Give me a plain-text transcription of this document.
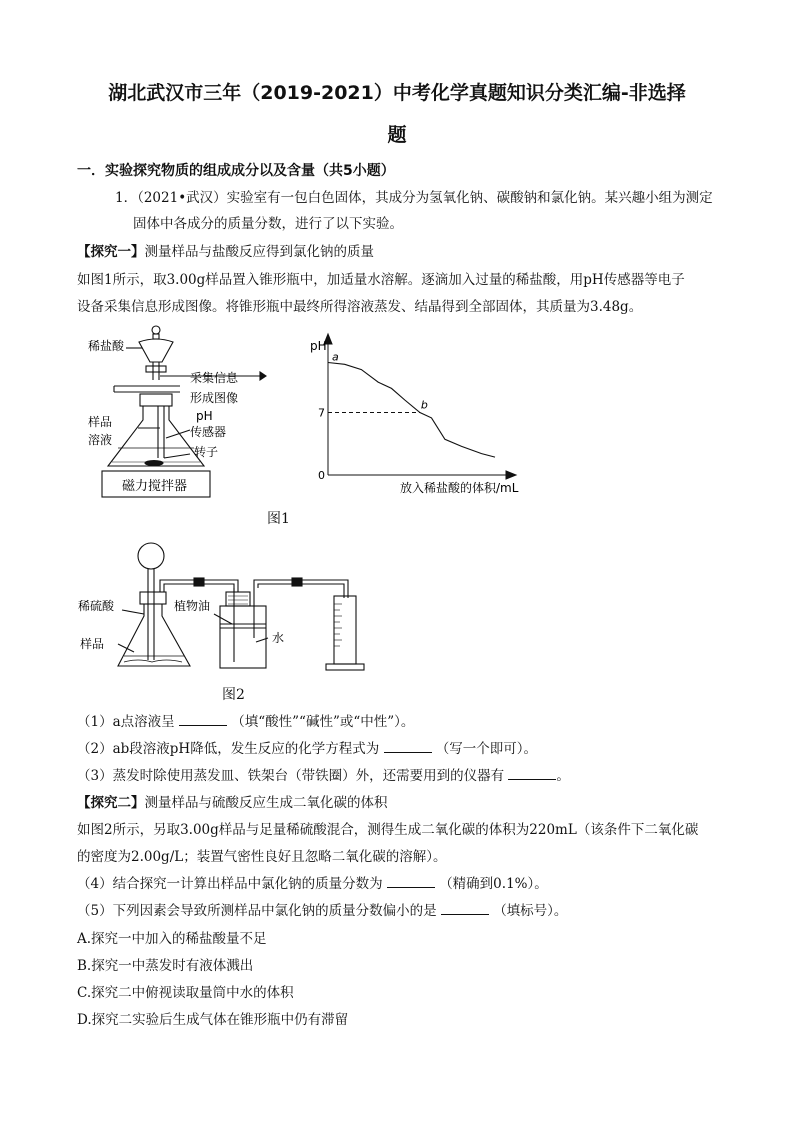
湖北武汉市三年（2019-2021）中考化学真题知识分类汇编-非选择
题
一．实验探究物质的组成成分以及含量（共5小题）
1．（2021•武汉）实验室有一包白色固体，其成分为氢氧化钠、碳酸钠和氯化钠。某兴趣小组为测定
固体中各成分的质量分数，进行了以下实验。
【探究一】测量样品与盐酸反应得到氯化钠的质量
如图1所示，取3.00g样品置入锥形瓶中，加适量水溶解。逐滴加入过量的稀盐酸，用pH传感器等电子
设备采集信息形成图像。将锥形瓶中最终所得溶液蒸发、结晶得到全部固体，其质量为3.48g。
稀盐酸
采集信息
形成图像
样品
溶液
pH
传感器
转子
磁力搅拌器
pH
7
0
a
b
放入稀盐酸的体积/mL
图1
稀硫酸
样品
植物油
水
图2
（1）a点溶液呈	（填“酸性”“碱性”或“中性”）。
（2）ab段溶液pH降低，发生反应的化学方程式为	（写一个即可）。
（3）蒸发时除使用蒸发皿、铁架台（带铁圈）外，还需要用到的仪器有	。
【探究二】测量样品与硫酸反应生成二氧化碳的体积
如图2所示，另取3.00g样品与足量稀硫酸混合，测得生成二氧化碳的体积为220mL（该条件下二氧化碳
的密度为2.00g/L；装置气密性良好且忽略二氧化碳的溶解）。
（4）结合探究一计算出样品中氯化钠的质量分数为	（精确到0.1%）。
（5）下列因素会导致所测样品中氯化钠的质量分数偏小的是	（填标号）。
A.探究一中加入的稀盐酸量不足
B.探究一中蒸发时有液体溅出
C.探究二中俯视读取量筒中水的体积
D.探究二实验后生成气体在锥形瓶中仍有滞留
